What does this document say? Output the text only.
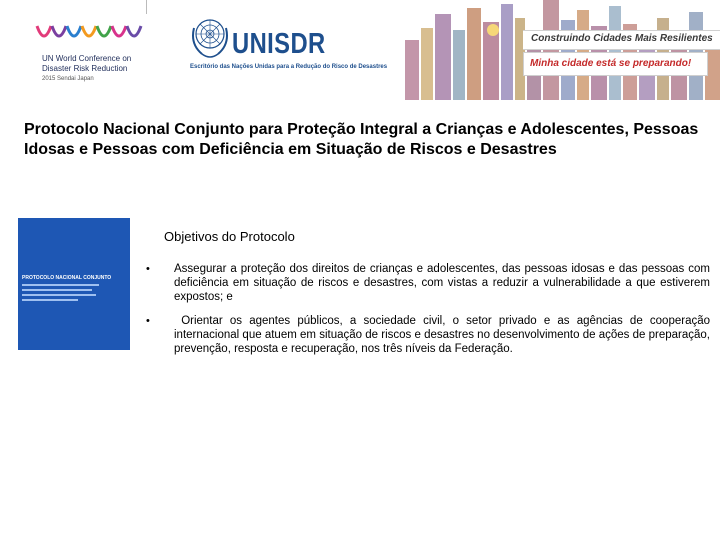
UN World Conference on
Disaster Risk Reduction
2015 Sendai Japan
UNISDR
Escritório das Nações Unidas para a Redução do Risco de Desastres
Construindo Cidades Mais Resilientes
Minha cidade está se preparando!
Protocolo Nacional Conjunto para Proteção Integral a Crianças e Adolescentes, Pessoas Idosas e Pessoas com Deficiência em Situação de Riscos e Desastres
PROTOCOLO NACIONAL CONJUNTO
Objetivos do Protocolo
• Assegurar a proteção dos direitos de crianças e adolescentes, das pessoas idosas e das pessoas com deficiência em situação de riscos e desastres, com vistas a reduzir a vulnerabilidade a que estiverem expostos; e
• Orientar os agentes públicos, a sociedade civil, o setor privado e as agências de cooperação internacional que atuem em situação de riscos e desastres no desenvolvimento de ações de preparação, prevenção, resposta e recuperação, nos três níveis da Federação.
